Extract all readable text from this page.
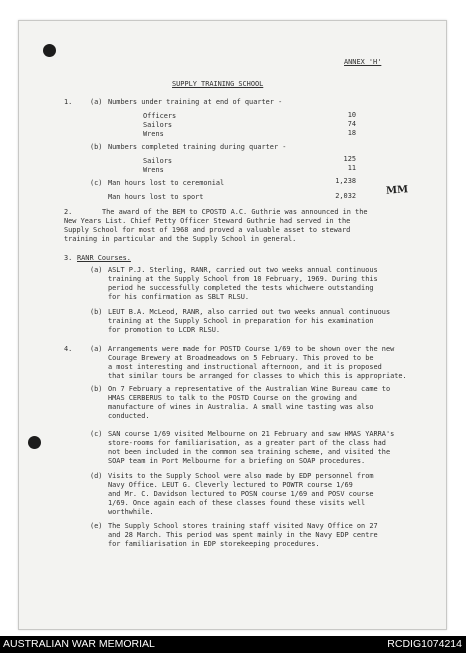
ANNEX 'H'
SUPPLY TRAINING SCHOOL
1.	(a) Numbers under training at end of quarter -
Officers	10
Sailors	74
Wrens	18
(b) Numbers completed training during quarter -
Sailors	125
Wrens	11
(c) Man hours lost to ceremonial	1,238
Man hours lost to sport	2,032	MM
2.	The award of the BEM to CPOSTD A.C. Guthrie was announced in the
New Years List. Chief Petty Officer Steward Guthrie had served in the
Supply School for most of 1968 and proved a valuable asset to steward
training in particular and the Supply School in general.
3. RANR Courses.
(a) ASLT P.J. Sterling, RANR, carried out two weeks annual continuous
training at the Supply School from 10 February, 1969. During this
period he successfully completed the tests whichwere outstanding
for his confirmation as SBLT RLSU.
(b) LEUT B.A. McLeod, RANR, also carried out two weeks annual continuous
training at the Supply School in preparation for his examination
for promotion to LCDR RLSU.
4.	(a) Arrangements were made for POSTD Course 1/69 to be shown over the new
Courage Brewery at Broadmeadows on 5 February. This proved to be
a most interesting and instructional afternoon, and it is proposed
that similar tours be arranged for classes to which this is appropriate.
(b) On 7 February a representative of the Australian Wine Bureau came to
HMAS CERBERUS to talk to the POSTD Course on the growing and
manufacture of wines in Australia. A small wine tasting was also
conducted.
(c) SAN course 1/69 visited Melbourne on 21 February and saw HMAS YARRA's
store-rooms for familiarisation, as a greater part of the class had
not been included in the common sea training scheme, and visited the
SOAP team in Port Melbourne for a briefing on SOAP procedures.
(d) Visits to the Supply School were also made by EDP personnel from
Navy Office. LEUT G. Cleverly lectured to POWTR course 1/69
and Mr. C. Davidson lectured to POSN course 1/69 and POSV course
1/69. Once again each of these classes found these visits well
worthwhile.
(e) The Supply School stores training staff visited Navy Office on 27
and 28 March. This period was spent mainly in the Navy EDP centre
for familiarisation in EDP storekeeping procedures.
AUSTRALIAN WAR MEMORIAL	RCDIG1074214
